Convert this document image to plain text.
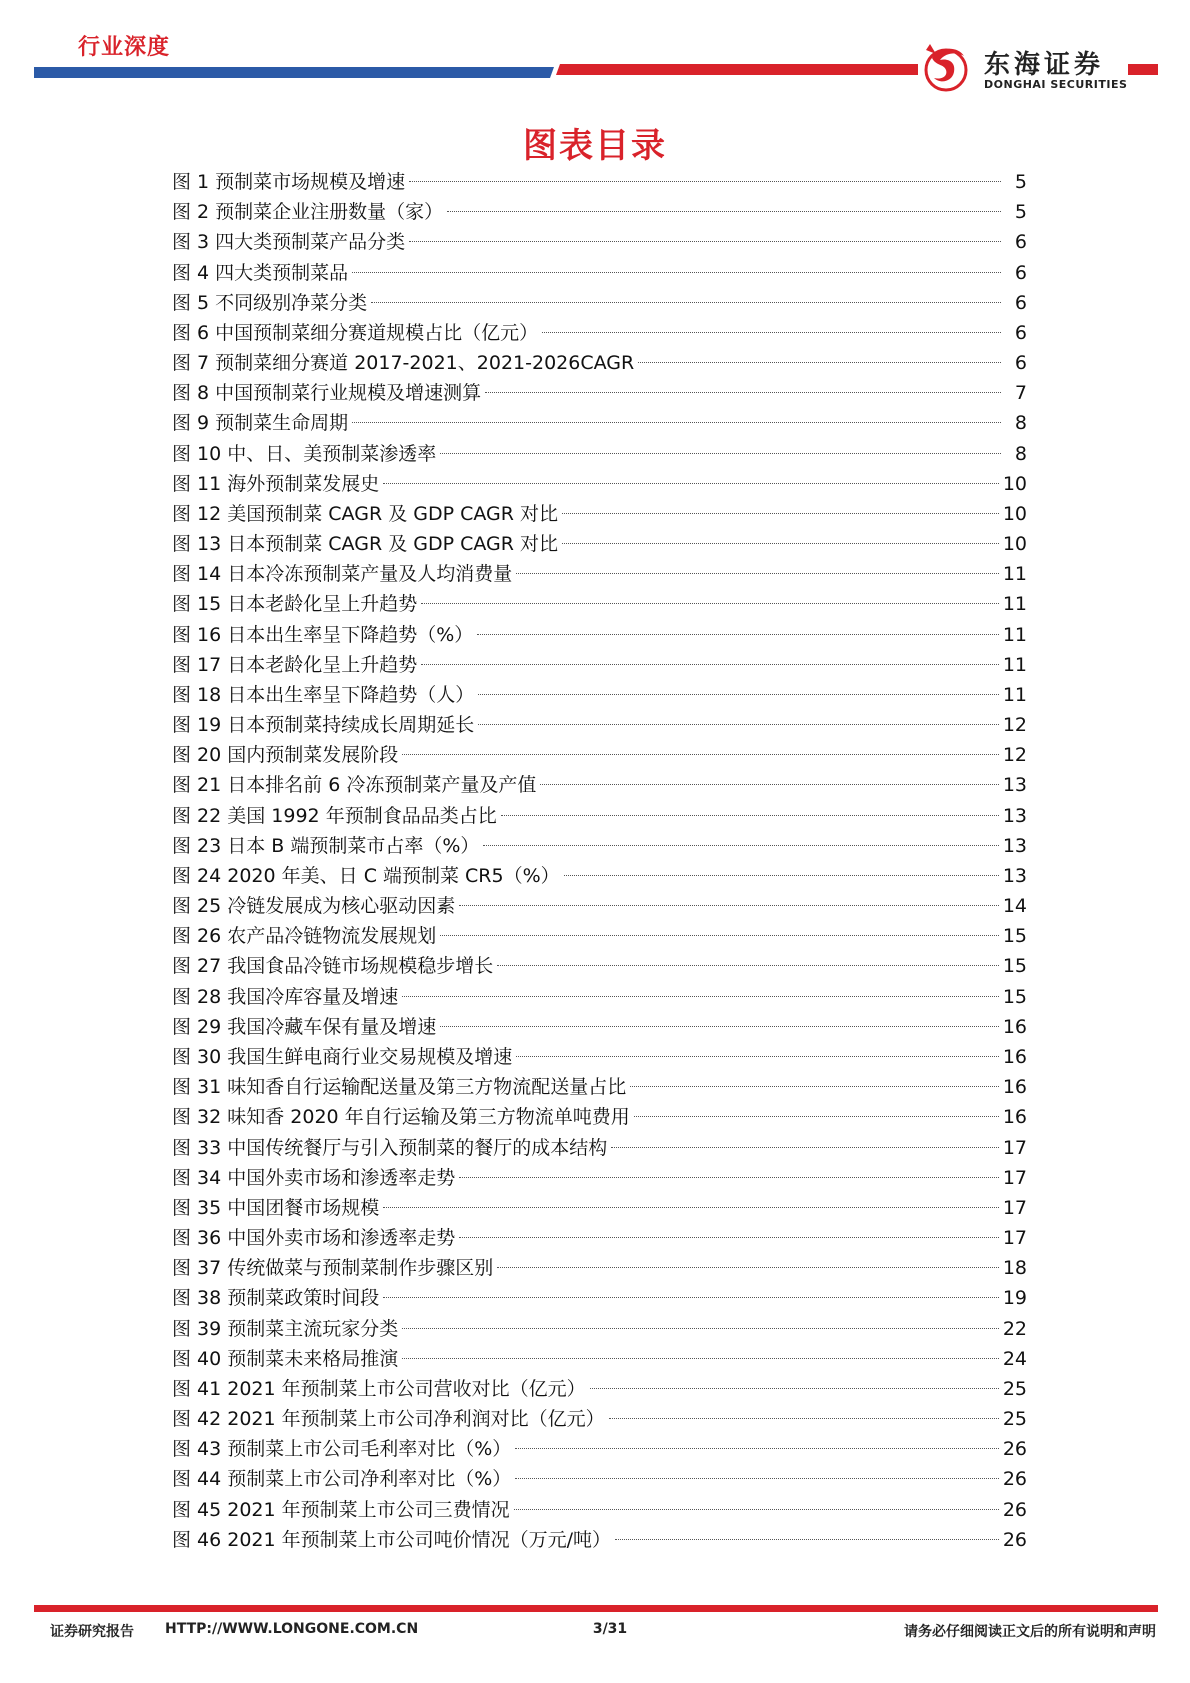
行业深度
东海证券
DONGHAI SECURITIES
图表目录
图 1 预制菜市场规模及增速	5
图 2 预制菜企业注册数量（家）	5
图 3 四大类预制菜产品分类	6
图 4 四大类预制菜品	6
图 5 不同级别净菜分类	6
图 6 中国预制菜细分赛道规模占比（亿元）	6
图 7 预制菜细分赛道 2017-2021、2021-2026CAGR	6
图 8 中国预制菜行业规模及增速测算	7
图 9 预制菜生命周期	8
图 10 中、日、美预制菜渗透率	8
图 11 海外预制菜发展史	10
图 12 美国预制菜 CAGR 及 GDP CAGR 对比	10
图 13 日本预制菜 CAGR 及 GDP CAGR 对比	10
图 14 日本冷冻预制菜产量及人均消费量	11
图 15 日本老龄化呈上升趋势	11
图 16 日本出生率呈下降趋势（%）	11
图 17 日本老龄化呈上升趋势	11
图 18 日本出生率呈下降趋势（人）	11
图 19 日本预制菜持续成长周期延长	12
图 20 国内预制菜发展阶段	12
图 21 日本排名前 6 冷冻预制菜产量及产值	13
图 22 美国 1992 年预制食品品类占比	13
图 23 日本 B 端预制菜市占率（%）	13
图 24 2020 年美、日 C 端预制菜 CR5（%）	13
图 25 冷链发展成为核心驱动因素	14
图 26 农产品冷链物流发展规划	15
图 27 我国食品冷链市场规模稳步增长	15
图 28 我国冷库容量及增速	15
图 29 我国冷藏车保有量及增速	16
图 30 我国生鲜电商行业交易规模及增速	16
图 31 味知香自行运输配送量及第三方物流配送量占比	16
图 32 味知香 2020 年自行运输及第三方物流单吨费用	16
图 33 中国传统餐厅与引入预制菜的餐厅的成本结构	17
图 34 中国外卖市场和渗透率走势	17
图 35 中国团餐市场规模	17
图 36 中国外卖市场和渗透率走势	17
图 37 传统做菜与预制菜制作步骤区别	18
图 38 预制菜政策时间段	19
图 39 预制菜主流玩家分类	22
图 40 预制菜未来格局推演	24
图 41 2021 年预制菜上市公司营收对比（亿元）	25
图 42 2021 年预制菜上市公司净利润对比（亿元）	25
图 43 预制菜上市公司毛利率对比（%）	26
图 44 预制菜上市公司净利率对比（%）	26
图 45 2021 年预制菜上市公司三费情况	26
图 46 2021 年预制菜上市公司吨价情况（万元/吨）	26
证券研究报告 HTTP://WWW.LONGONE.COM.CN	3/31	请务必仔细阅读正文后的所有说明和声明
